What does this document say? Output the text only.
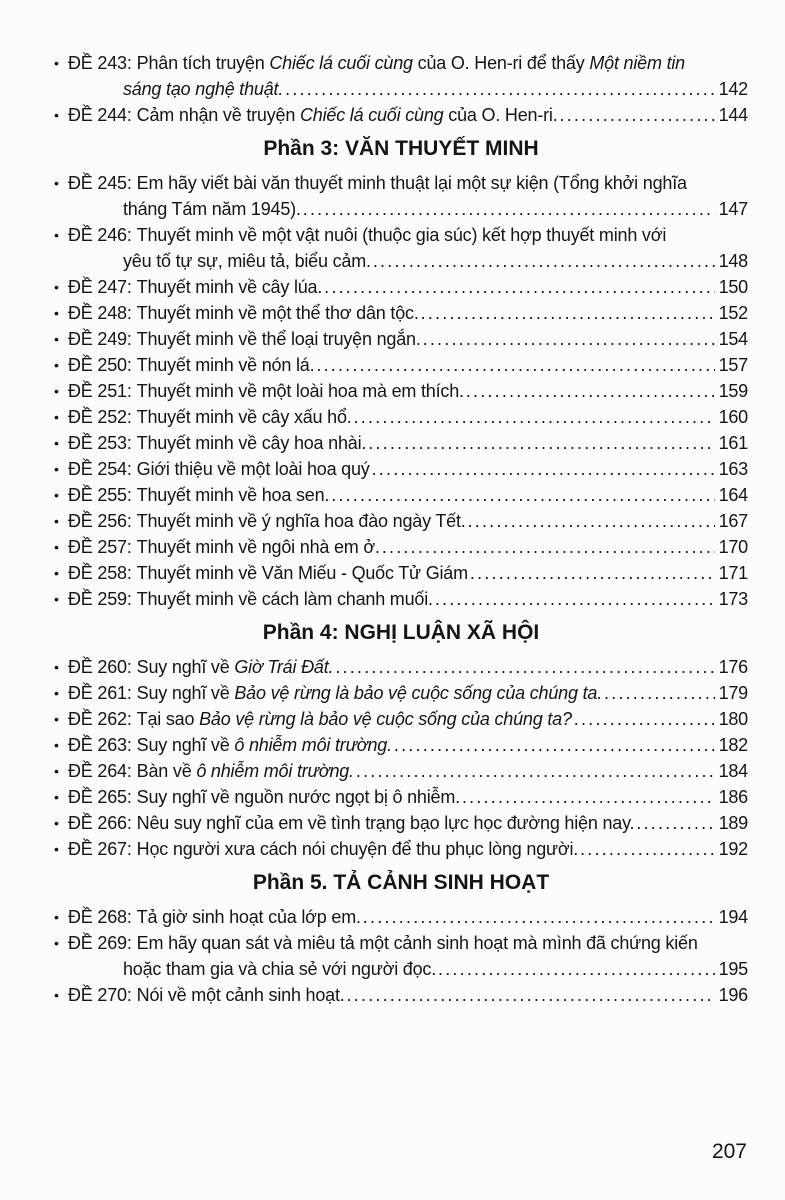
• ĐỀ 243: Phân tích truyện Chiếc lá cuối cùng của O. Hen-ri để thấy Một niềm tin
sáng tạo nghệ thuật. .....	142
• ĐỀ 244: Cảm nhận về truyện Chiếc lá cuối cùng của O. Hen-ri. .....	144
Phần 3: VĂN THUYẾT MINH
• ĐỀ 245: Em hãy viết bài văn thuyết minh thuật lại một sự kiện (Tổng khởi nghĩa
tháng Tám năm 1945). .....	147
• ĐỀ 246: Thuyết minh về một vật nuôi (thuộc gia súc) kết hợp thuyết minh với
yêu tố tự sự, miêu tả, biểu cảm. .....	148
• ĐỀ 247: Thuyết minh về cây lúa. .....	150
• ĐỀ 248: Thuyết minh về một thể thơ dân tộc. .....	152
• ĐỀ 249: Thuyết minh về thể loại truyện ngắn. .....	154
• ĐỀ 250: Thuyết minh về nón lá. .....	157
• ĐỀ 251: Thuyết minh về một loài hoa mà em thích. .....	159
• ĐỀ 252: Thuyết minh về cây xấu hổ. .....	160
• ĐỀ 253: Thuyết minh về cây hoa nhài. .....	161
• ĐỀ 254: Giới thiệu về một loài hoa quý .....	163
• ĐỀ 255: Thuyết minh về hoa sen. .....	164
• ĐỀ 256: Thuyết minh về ý nghĩa hoa đào ngày Tết. .....	167
• ĐỀ 257: Thuyết minh về ngôi nhà em ở. .....	170
• ĐỀ 258: Thuyết minh về Văn Miếu - Quốc Tử Giám .....	171
• ĐỀ 259: Thuyết minh về cách làm chanh muối. .....	173
Phần 4: NGHỊ LUẬN XÃ HỘI
• ĐỀ 260: Suy nghĩ về Giờ Trái Đất. .....	176
• ĐỀ 261: Suy nghĩ về Bảo vệ rừng là bảo vệ cuộc sống của chúng ta. .....	179
• ĐỀ 262: Tại sao Bảo vệ rừng là bảo vệ cuộc sống của chúng ta? .....	180
• ĐỀ 263: Suy nghĩ về ô nhiễm môi trường. .....	182
• ĐỀ 264: Bàn về ô nhiễm môi trường. .....	184
• ĐỀ 265: Suy nghĩ về nguồn nước ngọt bị ô nhiễm. .....	186
• ĐỀ 266: Nêu suy nghĩ của em về tình trạng bạo lực học đường hiện nay. .....	189
• ĐỀ 267: Học người xưa cách nói chuyện để thu phục lòng người. .....	192
Phần 5. TẢ CẢNH SINH HOẠT
• ĐỀ 268: Tả giờ sinh hoạt của lớp em. .....	194
• ĐỀ 269: Em hãy quan sát và miêu tả một cảnh sinh hoạt mà mình đã chứng kiến
hoặc tham gia và chia sẻ với người đọc. .....	195
• ĐỀ 270: Nói về một cảnh sinh hoạt. .....	196
207
